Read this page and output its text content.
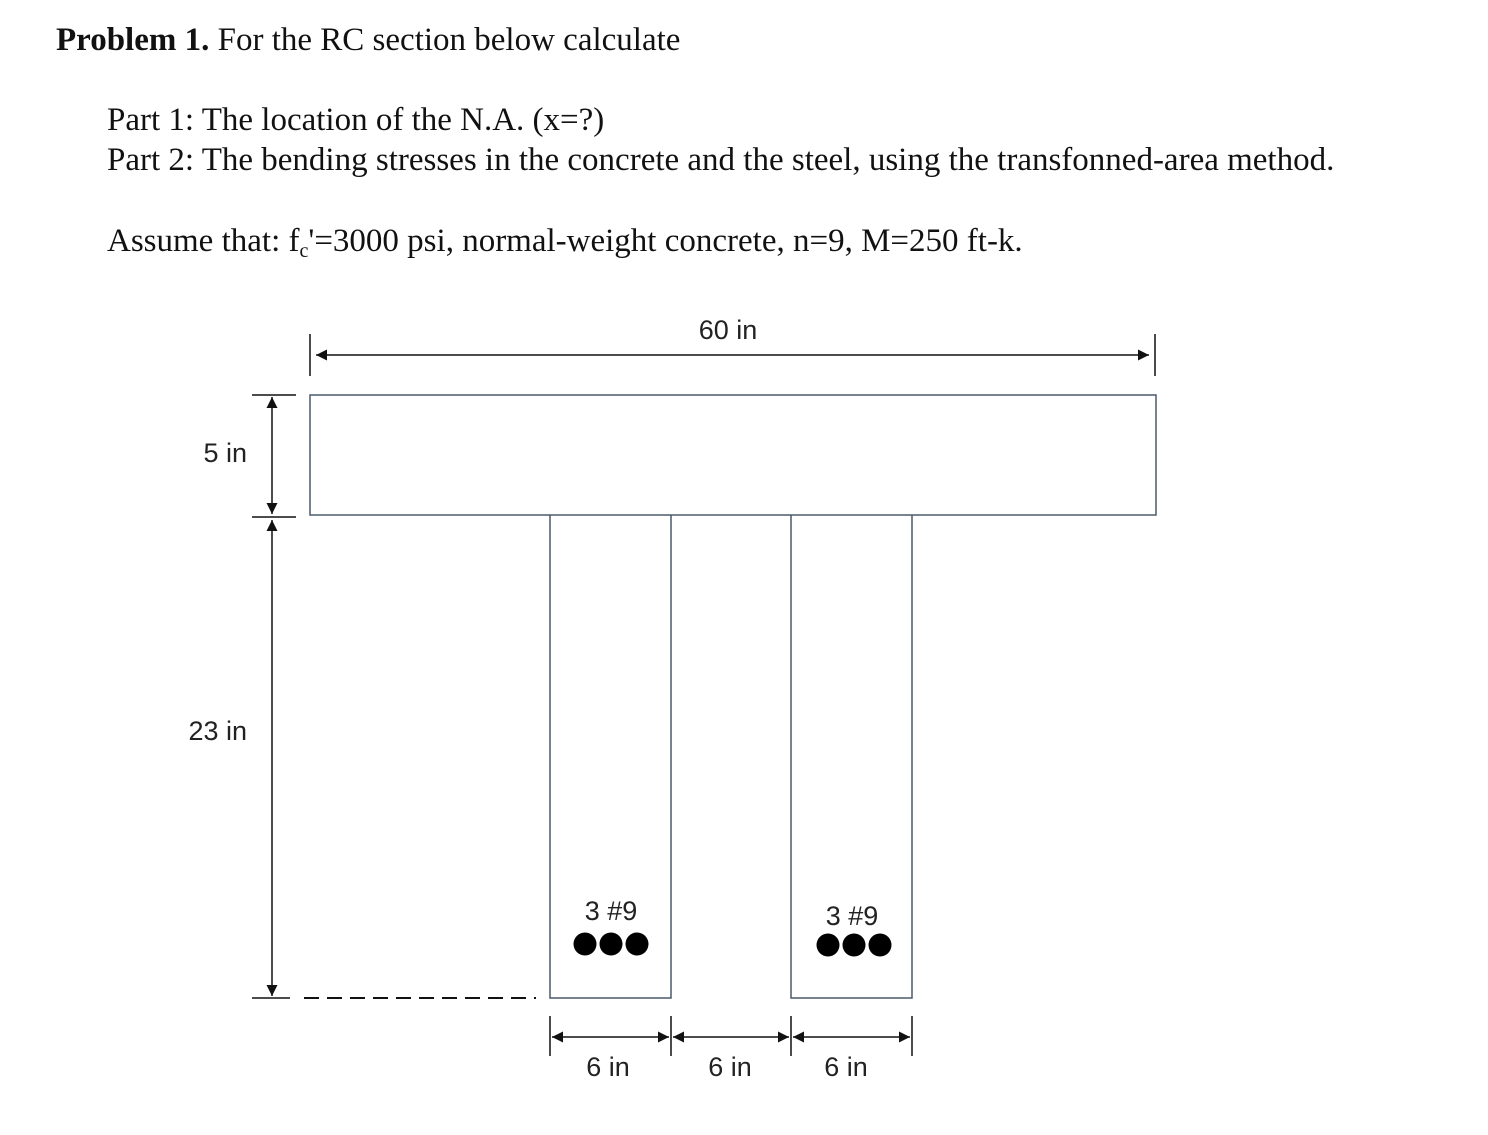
Problem 1. For the RC section below calculate
Part 1: The location of the N.A. (x=?)
Part 2: The bending stresses in the concrete and the steel, using the transfonned-area method.
Assume that: $f_c'=3000$ psi, normal-weight concrete, n=9, M=250 ft-k.
60 in
5 in
23 in
3 #9	3 #9
6 in	6 in	6 in
